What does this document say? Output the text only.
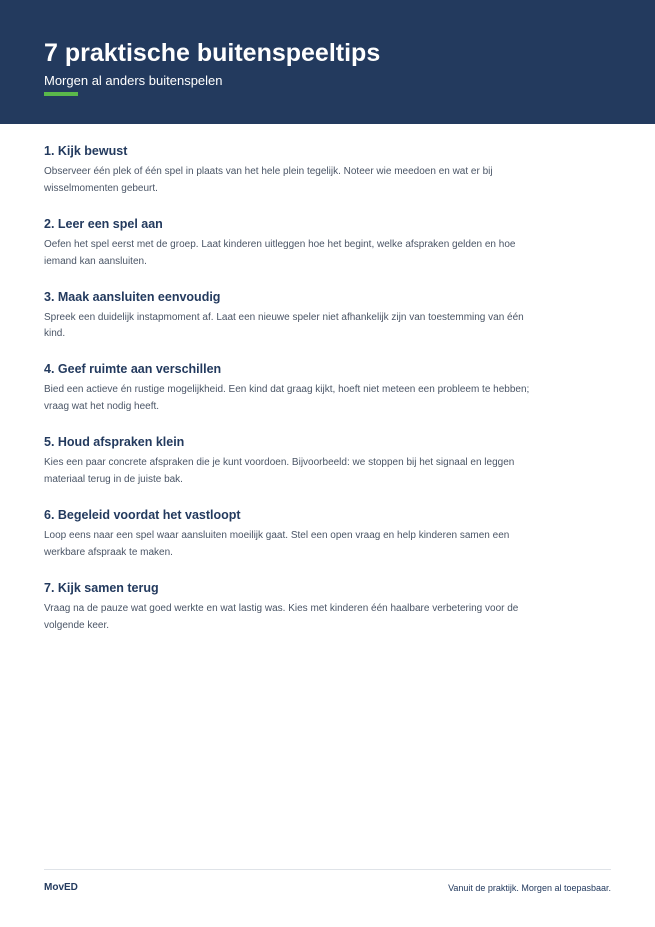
7 praktische buitenspeeltips
Morgen al anders buitenspelen
1. Kijk bewust

Observeer één plek of één spel in plaats van het hele plein tegelijk. Noteer wie meedoen en wat er bij wisselmomenten gebeurt.

2. Leer een spel aan

Oefen het spel eerst met de groep. Laat kinderen uitleggen hoe het begint, welke afspraken gelden en hoe iemand kan aansluiten.

3. Maak aansluiten eenvoudig

Spreek een duidelijk instapmoment af. Laat een nieuwe speler niet afhankelijk zijn van toestemming van één kind.

4. Geef ruimte aan verschillen

Bied een actieve én rustige mogelijkheid. Een kind dat graag kijkt, hoeft niet meteen een probleem te hebben; vraag wat het nodig heeft.

5. Houd afspraken klein

Kies een paar concrete afspraken die je kunt voordoen. Bijvoorbeeld: we stoppen bij het signaal en leggen materiaal terug in de juiste bak.

6. Begeleid voordat het vastloopt

Loop eens naar een spel waar aansluiten moeilijk gaat. Stel een open vraag en help kinderen samen een werkbare afspraak te maken.

7. Kijk samen terug

Vraag na de pauze wat goed werkte en wat lastig was. Kies met kinderen één haalbare verbetering voor de volgende keer.

MovED	Vanuit de praktijk. Morgen al toepasbaar.
